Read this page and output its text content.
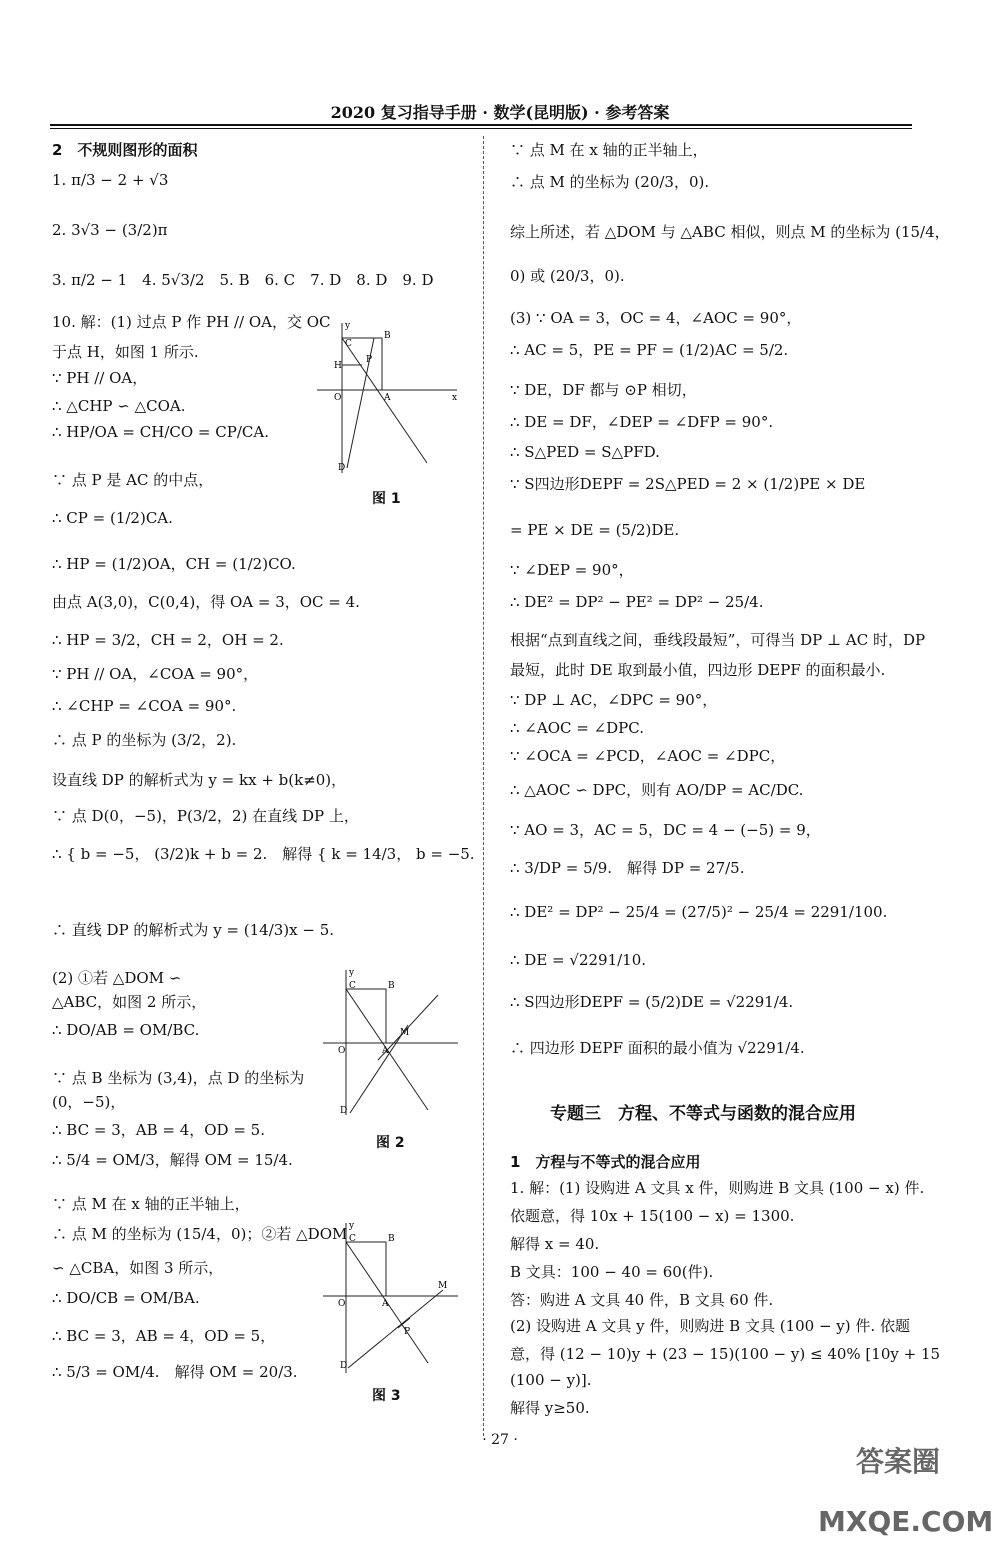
2020 复习指导手册 · 数学(昆明版) · 参考答案
2　不规则图形的面积
1. π/3 − 2 + √3
2. 3√3 − (3/2)π
3. π/2 − 1　4. 5√3/2　5. B　6. C　7. D　8. D　9. D
10. 解：(1) 过点 P 作 PH // OA，交 OC
于点 H，如图 1 所示.
∵ PH // OA，
∴ △CHP ∽ △COA.
∴ HP/OA = CH/CO = CP/CA.
∵ 点 P 是 AC 的中点，
∴ CP = (1/2)CA.
∴ HP = (1/2)OA，CH = (1/2)CO.
由点 A(3,0)，C(0,4)，得 OA = 3，OC = 4.
∴ HP = 3/2，CH = 2，OH = 2.
∵ PH // OA，∠COA = 90°，
∴ ∠CHP = ∠COA = 90°.
∴ 点 P 的坐标为 (3/2，2).
设直线 DP 的解析式为 y = kx + b(k≠0)，
∵ 点 D(0，−5)，P(3/2，2) 在直线 DP 上，
∴ { b = −5， (3/2)k + b = 2.　解得 { k = 14/3， b = −5.
∴ 直线 DP 的解析式为 y = (14/3)x − 5.
(2) ①若 △DOM ∽
△ABC，如图 2 所示，
∴ DO/AB = OM/BC.
∵ 点 B 坐标为 (3,4)，点 D 的坐标为
(0，−5)，
∴ BC = 3，AB = 4，OD = 5.
∴ 5/4 = OM/3，解得 OM = 15/4.
∵ 点 M 在 x 轴的正半轴上，
∴ 点 M 的坐标为 (15/4，0)；②若 △DOM
∽ △CBA，如图 3 所示，
∴ DO/CB = OM/BA.
∴ BC = 3，AB = 4，OD = 5，
∴ 5/3 = OM/4.　解得 OM = 20/3.
∵ 点 M 在 x 轴的正半轴上，
∴ 点 M 的坐标为 (20/3，0).
综上所述，若 △DOM 与 △ABC 相似，则点 M 的坐标为 (15/4，
0) 或 (20/3，0).
(3) ∵ OA = 3，OC = 4，∠AOC = 90°，
∴ AC = 5，PE = PF = (1/2)AC = 5/2.
∵ DE，DF 都与 ⊙P 相切，
∴ DE = DF，∠DEP = ∠DFP = 90°.
∴ S△PED = S△PFD.
∵ S四边形DEPF = 2S△PED = 2 × (1/2)PE × DE
= PE × DE = (5/2)DE.
∵ ∠DEP = 90°，
∴ DE² = DP² − PE² = DP² − 25/4.
根据“点到直线之间，垂线段最短”，可得当 DP ⊥ AC 时，DP
最短，此时 DE 取到最小值，四边形 DEPF 的面积最小.
∵ DP ⊥ AC，∠DPC = 90°，
∴ ∠AOC = ∠DPC.
∵ ∠OCA = ∠PCD，∠AOC = ∠DPC，
∴ △AOC ∽ DPC，则有 AO/DP = AC/DC.
∵ AO = 3，AC = 5，DC = 4 − (−5) = 9，
∴ 3/DP = 5/9.　解得 DP = 27/5.
∴ DE² = DP² − 25/4 = (27/5)² − 25/4 = 2291/100.
∴ DE = √2291/10.
∴ S四边形DEPF = (5/2)DE = √2291/4.
∴ 四边形 DEPF 面积的最小值为 √2291/4.
专题三　方程、不等式与函数的混合应用
1　方程与不等式的混合应用
1. 解：(1) 设购进 A 文具 x 件，则购进 B 文具 (100 − x) 件.
依题意，得 10x + 15(100 − x) = 1300.
解得 x = 40.
B 文具：100 − 40 = 60(件).
答：购进 A 文具 40 件，B 文具 60 件.
(2) 设购进 A 文具 y 件，则购进 B 文具 (100 − y) 件. 依题
意，得 (12 − 10)y + (23 − 15)(100 − y) ≤ 40% [10y + 15
(100 − y)].
解得 y≥50.
y
B
C
H
P
O	A	x
D
图 1
y
C	B
O	A
M
D
图 2
y
C	B
O	A
M
P
D
图 3
· 27 ·
答案圈 MXQE.COM
